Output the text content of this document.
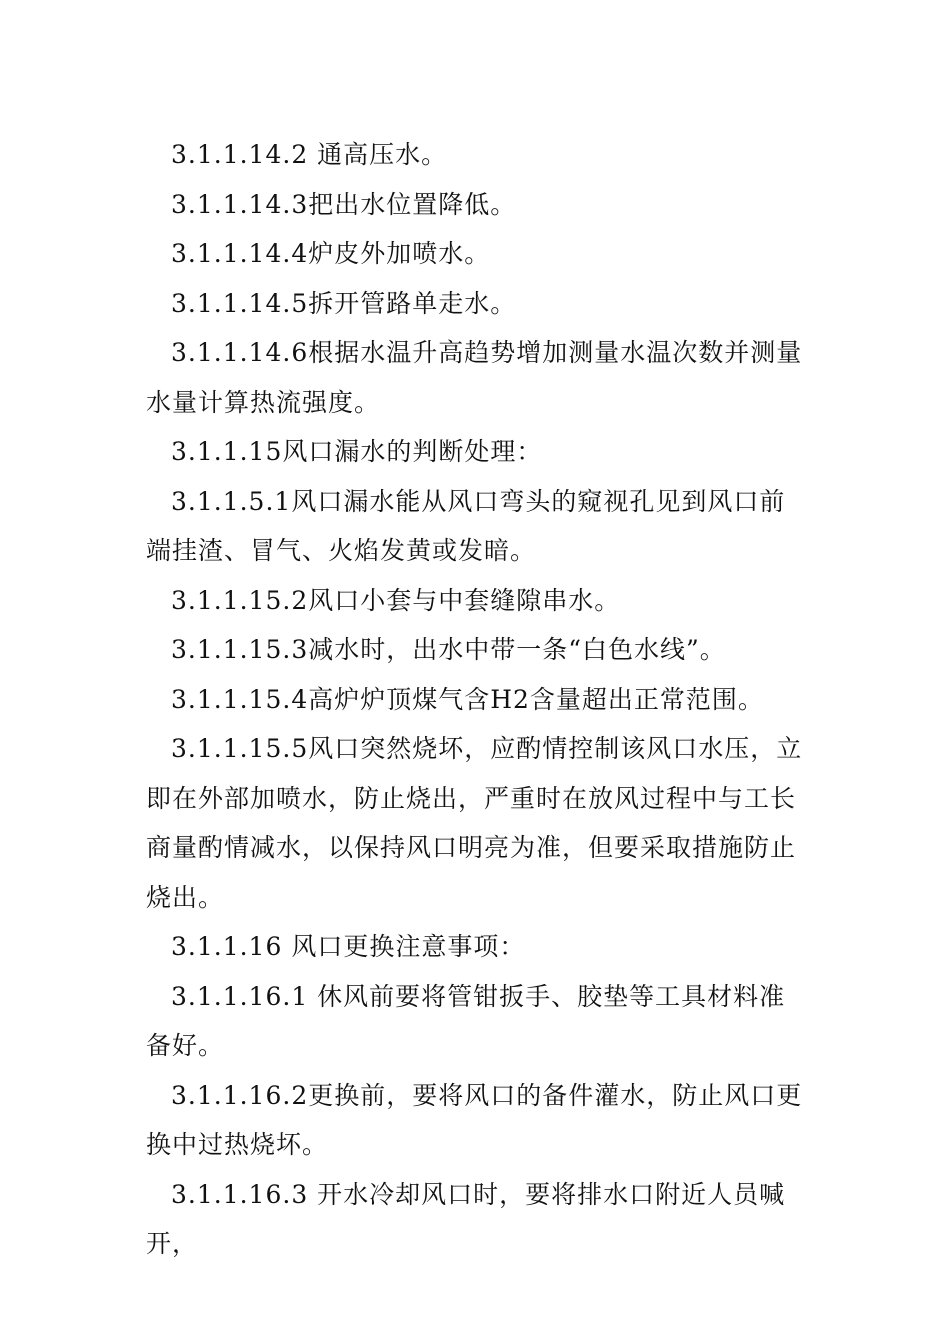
3.1.1.14.2 通高压水。

3.1.1.14.3把出水位置降低。

3.1.1.14.4炉皮外加喷水。

3.1.1.14.5拆开管路单走水。

3.1.1.14.6根据水温升高趋势增加测量水温次数并测量水量计算热流强度。

3.1.1.15风口漏水的判断处理：

3.1.1.5.1风口漏水能从风口弯头的窥视孔见到风口前端挂渣、冒气、火焰发黄或发暗。

3.1.1.15.2风口小套与中套缝隙串水。

3.1.1.15.3减水时，出水中带一条“白色水线”。

3.1.1.15.4高炉炉顶煤气含H2含量超出正常范围。

3.1.1.15.5风口突然烧坏，应酌情控制该风口水压，立即在外部加喷水，防止烧出，严重时在放风过程中与工长商量酌情减水，以保持风口明亮为准，但要采取措施防止烧出。

3.1.1.16 风口更换注意事项：

3.1.1.16.1 休风前要将管钳扳手、胶垫等工具材料准备好。

3.1.1.16.2更换前，要将风口的备件灌水，防止风口更换中过热烧坏。

3.1.1.16.3 开水冷却风口时，要将排水口附近人员喊开，
